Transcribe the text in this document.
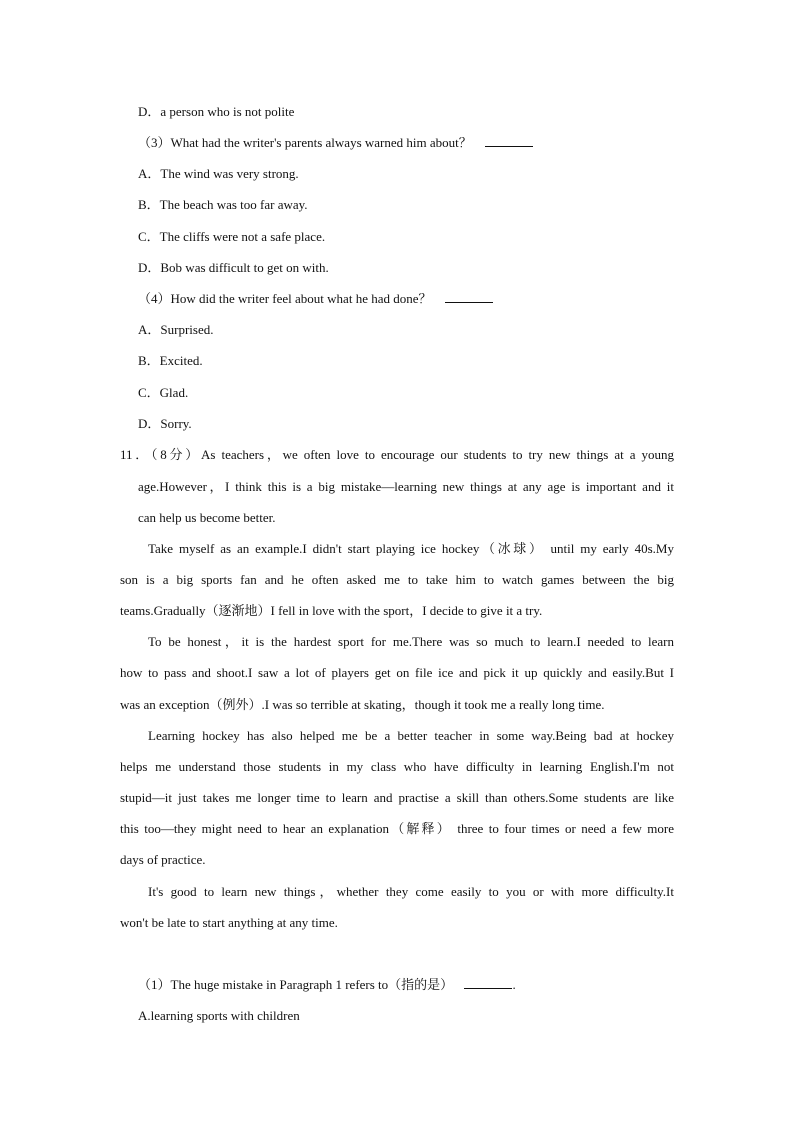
D．a person who is not polite
（3）What had the writer's parents always warned him about？
A．The wind was very strong.
B．The beach was too far away.
C．The cliffs were not a safe place.
D．Bob was difficult to get on with.
（4）How did the writer feel about what he had done？
A．Surprised.
B．Excited.
C．Glad.
D．Sorry.
11．（8分）As teachers，we often love to encourage our students to try new things at a young
age.However，I think this is a big mistake—learning new things at any age is important and it
can help us become better.
Take myself as an example.I didn't start playing ice hockey（冰球） until my early 40s.My
son is a big sports fan and he often asked me to take him to watch games between the big
teams.Gradually（逐渐地）I fell in love with the sport，I decide to give it a try.
To be honest，it is the hardest sport for me.There was so much to learn.I needed to learn
how to pass and shoot.I saw a lot of players get on file ice and pick it up quickly and easily.But I
was an exception（例外）.I was so terrible at skating，though it took me a really long time.
Learning hockey has also helped me be a better teacher in some way.Being bad at hockey
helps me understand those students in my class who have difficulty in learning English.I'm not
stupid—it just takes me longer time to learn and practise a skill than others.Some students are like
this too—they might need to hear an explanation（解释） three to four times or need a few more
days of practice.
It's good to learn new things，whether they come easily to you or with more difficulty.It
won't be late to start anything at any time.
（1）The huge mistake in Paragraph 1 refers to（指的是）	.
A.learning sports with children
